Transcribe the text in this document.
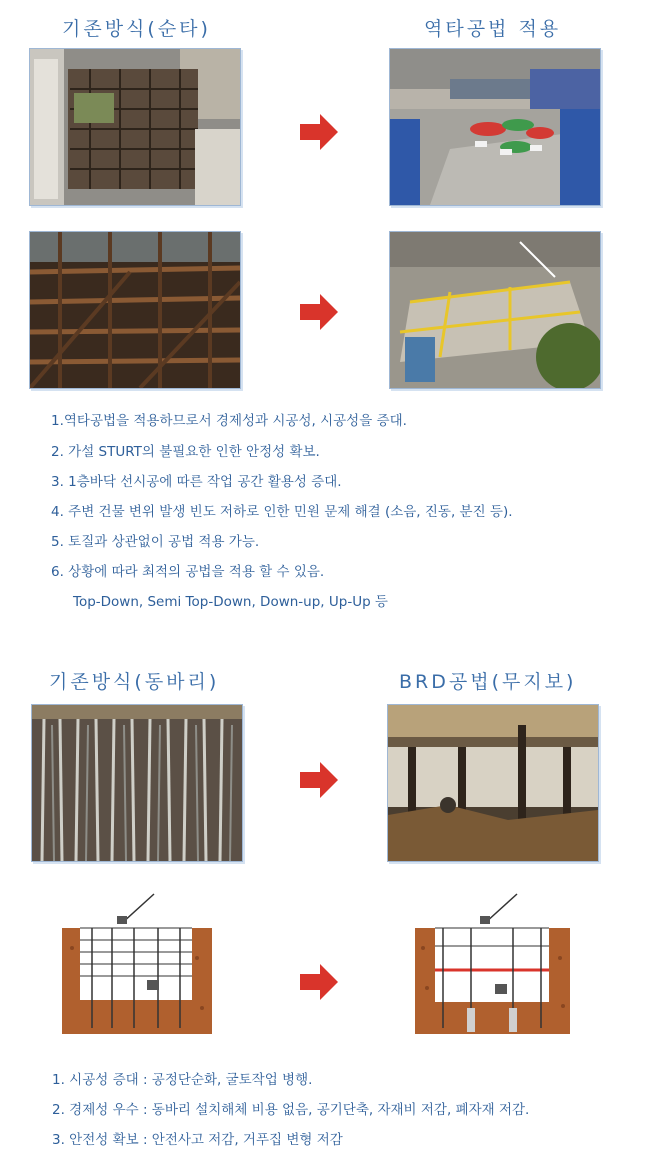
기존방식(순타)	역타공법 적용
1.역타공법을 적용하므로서 경제성과 시공성, 시공성을 증대.
2. 가설 STURT의 불필요한 인한 안정성 확보.
3. 1층바닥 선시공에 따른 작업 공간 활용성 증대.
4. 주변 건물 변위 발생 빈도 저하로 인한 민원 문제 해결 (소음, 진동, 분진 등).
5. 토질과 상관없이 공법 적용 가능.
6. 상황에 따라 최적의 공법을 적용 할 수 있음.
Top-Down, Semi Top-Down, Down-up, Up-Up 등
기존방식(동바리)	BRD공법(무지보)
1. 시공성 증대 : 공정단순화, 굴토작업 병행.
2. 경제성 우수 : 동바리 설치해체 비용 없음, 공기단축, 자재비 저감, 폐자재 저감.
3. 안전성 확보 : 안전사고 저감, 거푸집 변형 저감
